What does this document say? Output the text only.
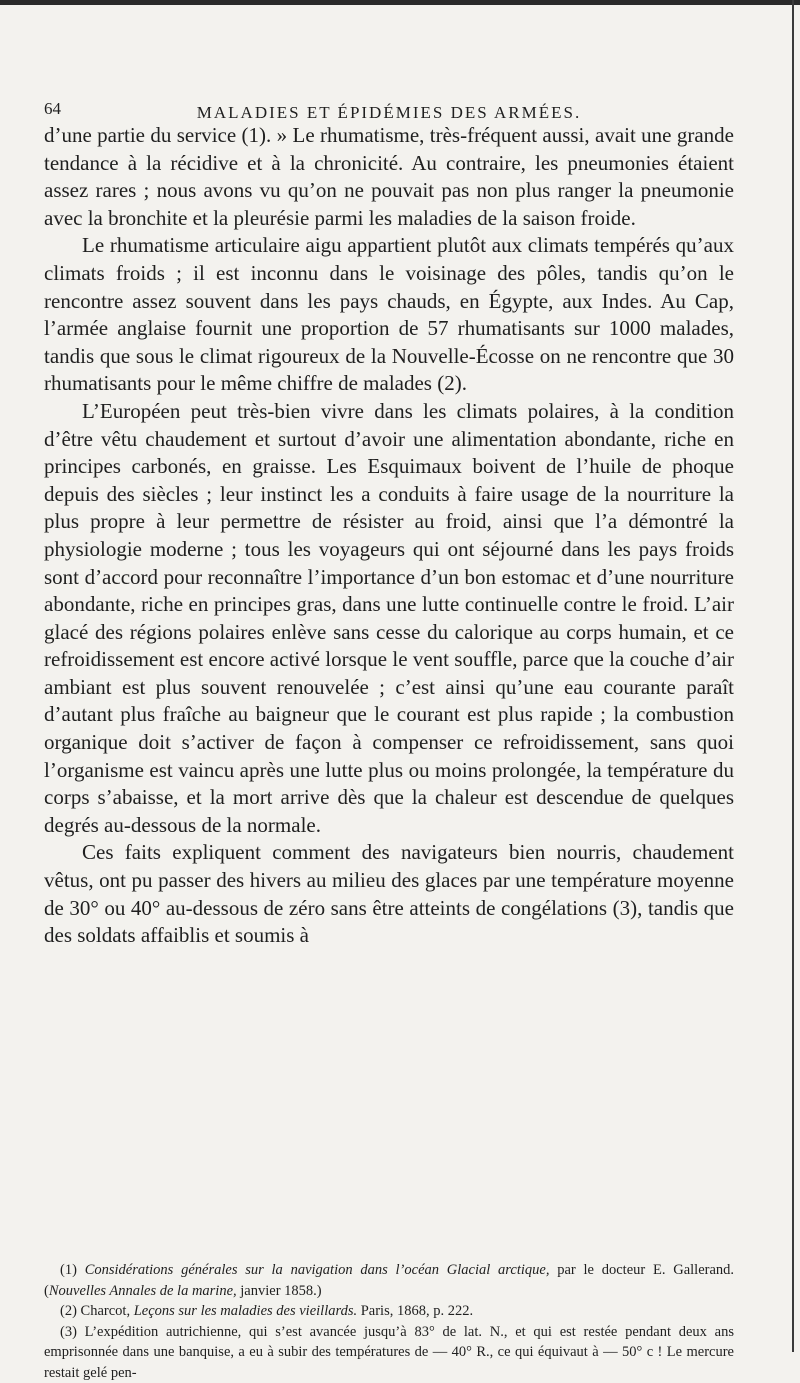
64	MALADIES ET ÉPIDÉMIES DES ARMÉES.

d’une partie du service (1). » Le rhumatisme, très-fréquent aussi, avait une grande tendance à la récidive et à la chronicité. Au contraire, les pneumonies étaient assez rares ; nous avons vu qu’on ne pouvait pas non plus ranger la pneumonie avec la bronchite et la pleurésie parmi les maladies de la saison froide.

Le rhumatisme articulaire aigu appartient plutôt aux climats tempérés qu’aux climats froids ; il est inconnu dans le voisinage des pôles, tandis qu’on le rencontre assez souvent dans les pays chauds, en Égypte, aux Indes. Au Cap, l’armée anglaise fournit une proportion de 57 rhumatisants sur 1000 malades, tandis que sous le climat rigoureux de la Nouvelle-Écosse on ne rencontre que 30 rhumatisants pour le même chiffre de malades (2).

L’Européen peut très-bien vivre dans les climats polaires, à la condition d’être vêtu chaudement et surtout d’avoir une alimentation abondante, riche en principes carbonés, en graisse. Les Esquimaux boivent de l’huile de phoque depuis des siècles ; leur instinct les a conduits à faire usage de la nourriture la plus propre à leur permettre de résister au froid, ainsi que l’a démontré la physiologie moderne ; tous les voyageurs qui ont séjourné dans les pays froids sont d’accord pour reconnaître l’importance d’un bon estomac et d’une nourriture abondante, riche en principes gras, dans une lutte continuelle contre le froid. L’air glacé des régions polaires enlève sans cesse du calorique au corps humain, et ce refroidissement est encore activé lorsque le vent souffle, parce que la couche d’air ambiant est plus souvent renouvelée ; c’est ainsi qu’une eau courante paraît d’autant plus fraîche au baigneur que le courant est plus rapide ; la combustion organique doit s’activer de façon à compenser ce refroidissement, sans quoi l’organisme est vaincu après une lutte plus ou moins prolongée, la température du corps s’abaisse, et la mort arrive dès que la chaleur est descendue de quelques degrés au-dessous de la normale.

Ces faits expliquent comment des navigateurs bien nourris, chaudement vêtus, ont pu passer des hivers au milieu des glaces par une température moyenne de 30° ou 40° au-dessous de zéro sans être atteints de congélations (3), tandis que des soldats affaiblis et soumis à

(1) Considérations générales sur la navigation dans l’océan Glacial arctique, par le docteur E. Gallerand. (Nouvelles Annales de la marine, janvier 1858.)

(2) Charcot, Leçons sur les maladies des vieillards. Paris, 1868, p. 222.

(3) L’expédition autrichienne, qui s’est avancée jusqu’à 83° de lat. N., et qui est restée pendant deux ans emprisonnée dans une banquise, a eu à subir des températures de — 40° R., ce qui équivaut à — 50° c ! Le mercure restait gelé pen-
